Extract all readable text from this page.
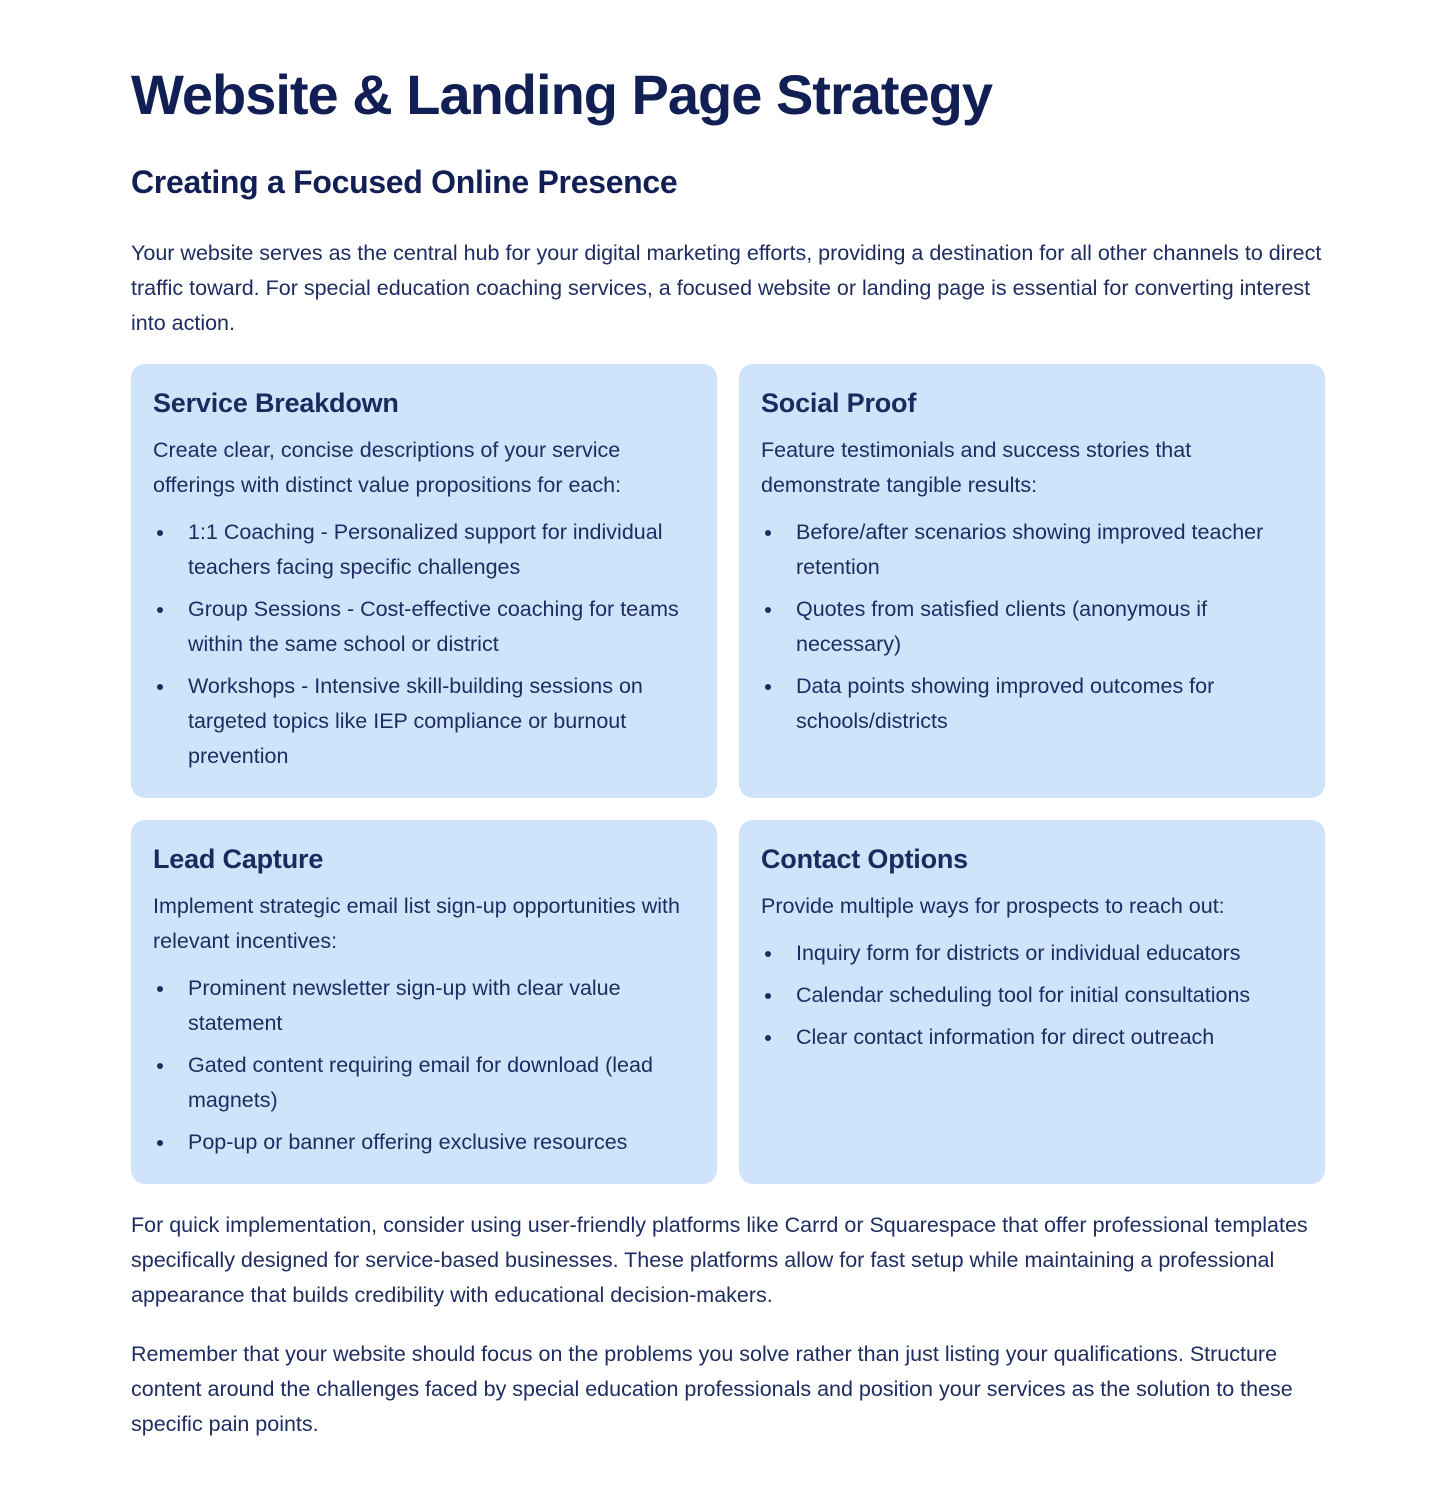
Website & Landing Page Strategy
Creating a Focused Online Presence

Your website serves as the central hub for your digital marketing efforts, providing a destination for all other channels to direct traffic toward. For special education coaching services, a focused website or landing page is essential for converting interest into action.

Service Breakdown

Create clear, concise descriptions of your service offerings with distinct value propositions for each:

1:1 Coaching - Personalized support for individual teachers facing specific challenges
Group Sessions - Cost-effective coaching for teams within the same school or district
Workshops - Intensive skill-building sessions on targeted topics like IEP compliance or burnout prevention
Social Proof

Feature testimonials and success stories that demonstrate tangible results:

Before/after scenarios showing improved teacher retention
Quotes from satisfied clients (anonymous if necessary)
Data points showing improved outcomes for schools/districts
Lead Capture

Implement strategic email list sign-up opportunities with relevant incentives:

Prominent newsletter sign-up with clear value statement
Gated content requiring email for download (lead magnets)
Pop-up or banner offering exclusive resources
Contact Options

Provide multiple ways for prospects to reach out:

Inquiry form for districts or individual educators
Calendar scheduling tool for initial consultations
Clear contact information for direct outreach

For quick implementation, consider using user-friendly platforms like Carrd or Squarespace that offer professional templates specifically designed for service-based businesses. These platforms allow for fast setup while maintaining a professional appearance that builds credibility with educational decision-makers.

Remember that your website should focus on the problems you solve rather than just listing your qualifications. Structure content around the challenges faced by special education professionals and position your services as the solution to these specific pain points.
